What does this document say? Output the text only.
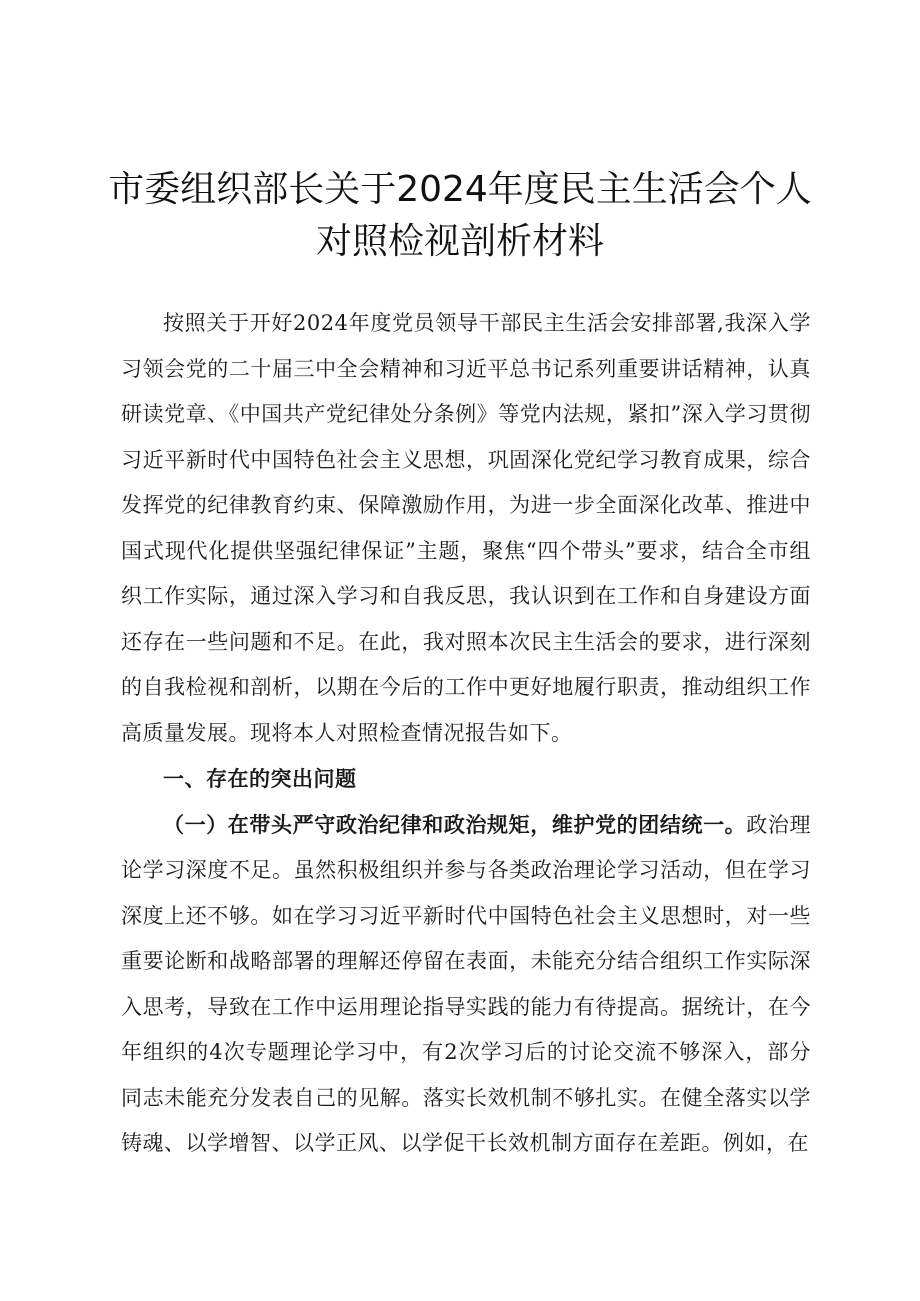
市委组织部长关于2024年度民主生活会个人
对照检视剖析材料

按照关于开好2024年度党员领导干部民主生活会安排部署,我深入学习领会党的二十届三中全会精神和习近平总书记系列重要讲话精神，认真研读党章、《中国共产党纪律处分条例》等党内法规，紧扣”深入学习贯彻习近平新时代中国特色社会主义思想，巩固深化党纪学习教育成果，综合发挥党的纪律教育约束、保障激励作用，为进一步全面深化改革、推进中国式现代化提供坚强纪律保证”主题，聚焦“四个带头”要求，结合全市组织工作实际，通过深入学习和自我反思，我认识到在工作和自身建设方面还存在一些问题和不足。在此，我对照本次民主生活会的要求，进行深刻的自我检视和剖析，以期在今后的工作中更好地履行职责，推动组织工作高质量发展。现将本人对照检查情况报告如下。

一、存在的突出问题

（一）在带头严守政治纪律和政治规矩，维护党的团结统一。政治理论学习深度不足。虽然积极组织并参与各类政治理论学习活动，但在学习深度上还不够。如在学习习近平新时代中国特色社会主义思想时，对一些重要论断和战略部署的理解还停留在表面，未能充分结合组织工作实际深入思考，导致在工作中运用理论指导实践的能力有待提高。据统计，在今年组织的4次专题理论学习中，有2次学习后的讨论交流不够深入，部分同志未能充分发表自己的见解。落实长效机制不够扎实。在健全落实以学铸魂、以学增智、以学正风、以学促干长效机制方面存在差距。例如，在
